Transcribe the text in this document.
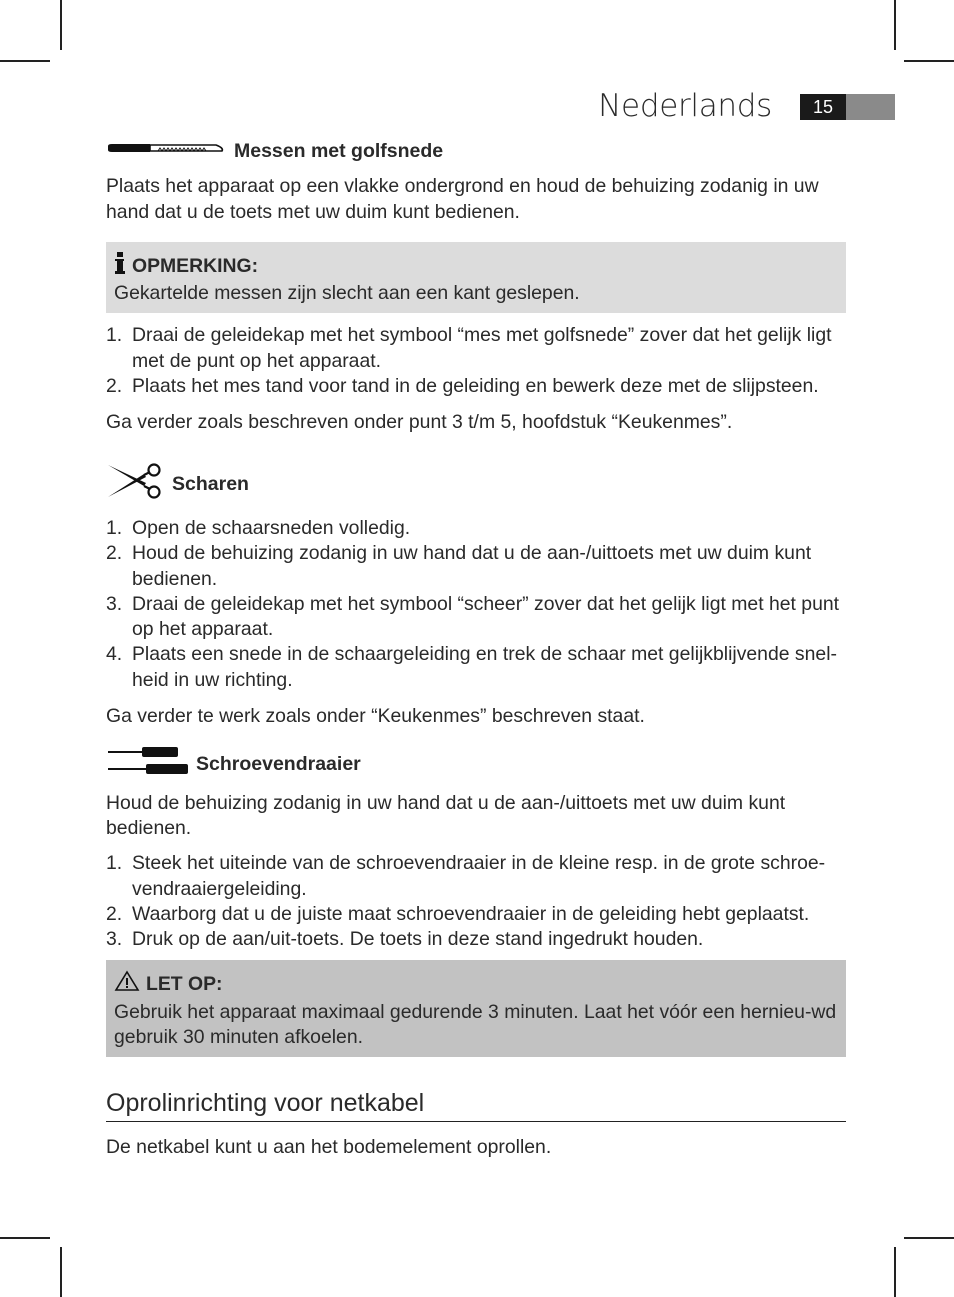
Nederlands	15
Messen met golfsnede

Plaats het apparaat op een vlakke ondergrond en houd de behuizing zodanig in uw hand dat u de toets met uw duim kunt bedienen.

OPMERKING:

Gekartelde messen zijn slecht aan een kant geslepen.

1. Draai de geleidekap met het symbool “mes met golfsnede” zover dat het gelijk ligt met de punt op het apparaat.
2. Plaats het mes tand voor tand in de geleiding en bewerk deze met de slijpsteen.

Ga verder zoals beschreven onder punt 3 t/m 5, hoofdstuk “Keukenmes”.

Scharen
1. Open de schaarsneden volledig.
2. Houd de behuizing zodanig in uw hand dat u de aan-/uittoets met uw duim kunt bedienen.
3. Draai de geleidekap met het symbool “scheer” zover dat het gelijk ligt met het punt op het apparaat.
4. Plaats een snede in de schaargeleiding en trek de schaar met gelijkblijvende snel-heid in uw richting.

Ga verder te werk zoals onder “Keukenmes” beschreven staat.

Schroevendraaier

Houd de behuizing zodanig in uw hand dat u de aan-/uittoets met uw duim kunt bedienen.

1. Steek het uiteinde van de schroevendraaier in de kleine resp. in de grote schroe-vendraaiergeleiding.
2. Waarborg dat u de juiste maat schroevendraaier in de geleiding hebt geplaatst.
3. Druk op de aan/uit-toets. De toets in deze stand ingedrukt houden.
LET OP:

Gebruik het apparaat maximaal gedurende 3 minuten. Laat het vóór een hernieu-wd gebruik 30 minuten afkoelen.

Oprolinrichting voor netkabel

De netkabel kunt u aan het bodemelement oprollen.
